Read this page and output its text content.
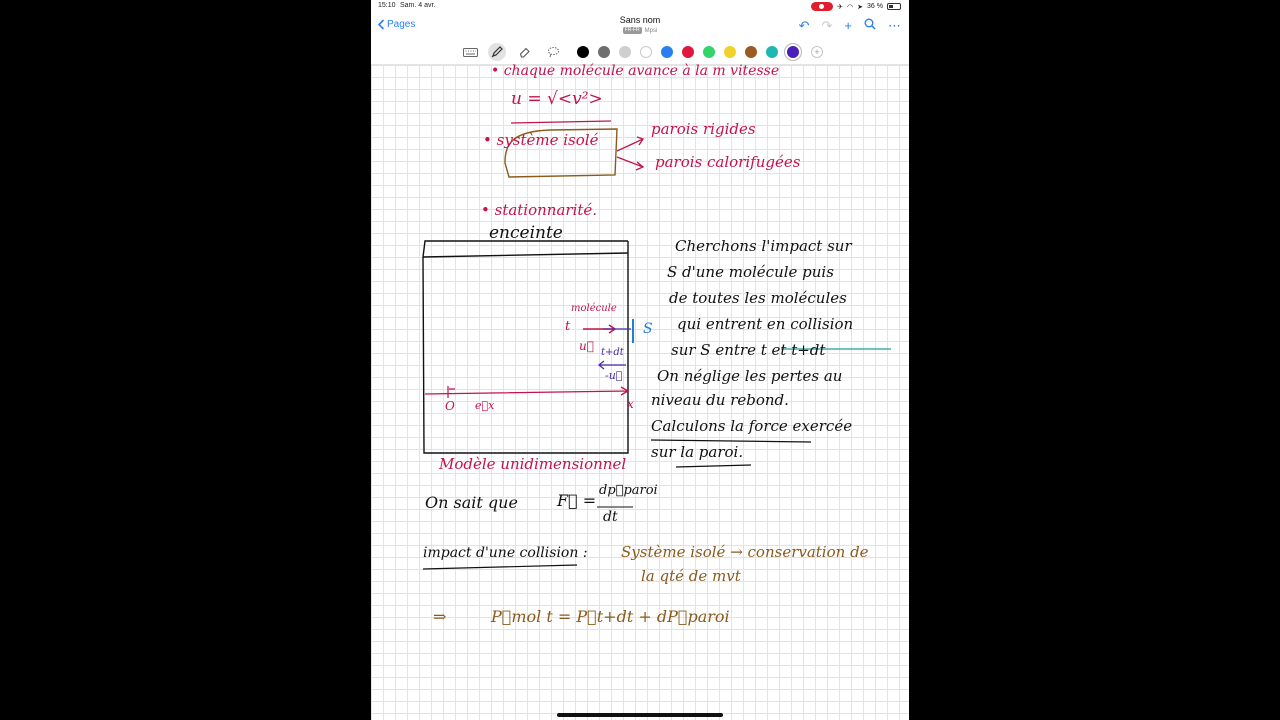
15:10 Sam. 4 avr.	✈ ◠ ➤ 36 %
Pages	Sans nom
FR-FR Mpsi	↶ ↷ +	⋯
+
• chaque molécule avance à la m vitesse
u = √<v²>
• système isolé
parois rigides
parois calorifugées
• stationnarité.
enceinte
molécule
t
u⃗
S
t+dt
-u⃗
O e⃗x	x
Modèle unidimensionnel
Cherchons l'impact sur
S d'une molécule puis
de toutes les molécules
qui entrent en collision
sur S entre t et t+dt
On néglige les pertes au
niveau du rebond.
Calculons la force exercée
sur la paroi.
On sait que F⃗ =
dp⃗paroi
dt
impact d'une collision : Système isolé → conservation de
la qté de mvt
⇒	P⃗mol t = P⃗t+dt + dP⃗paroi
